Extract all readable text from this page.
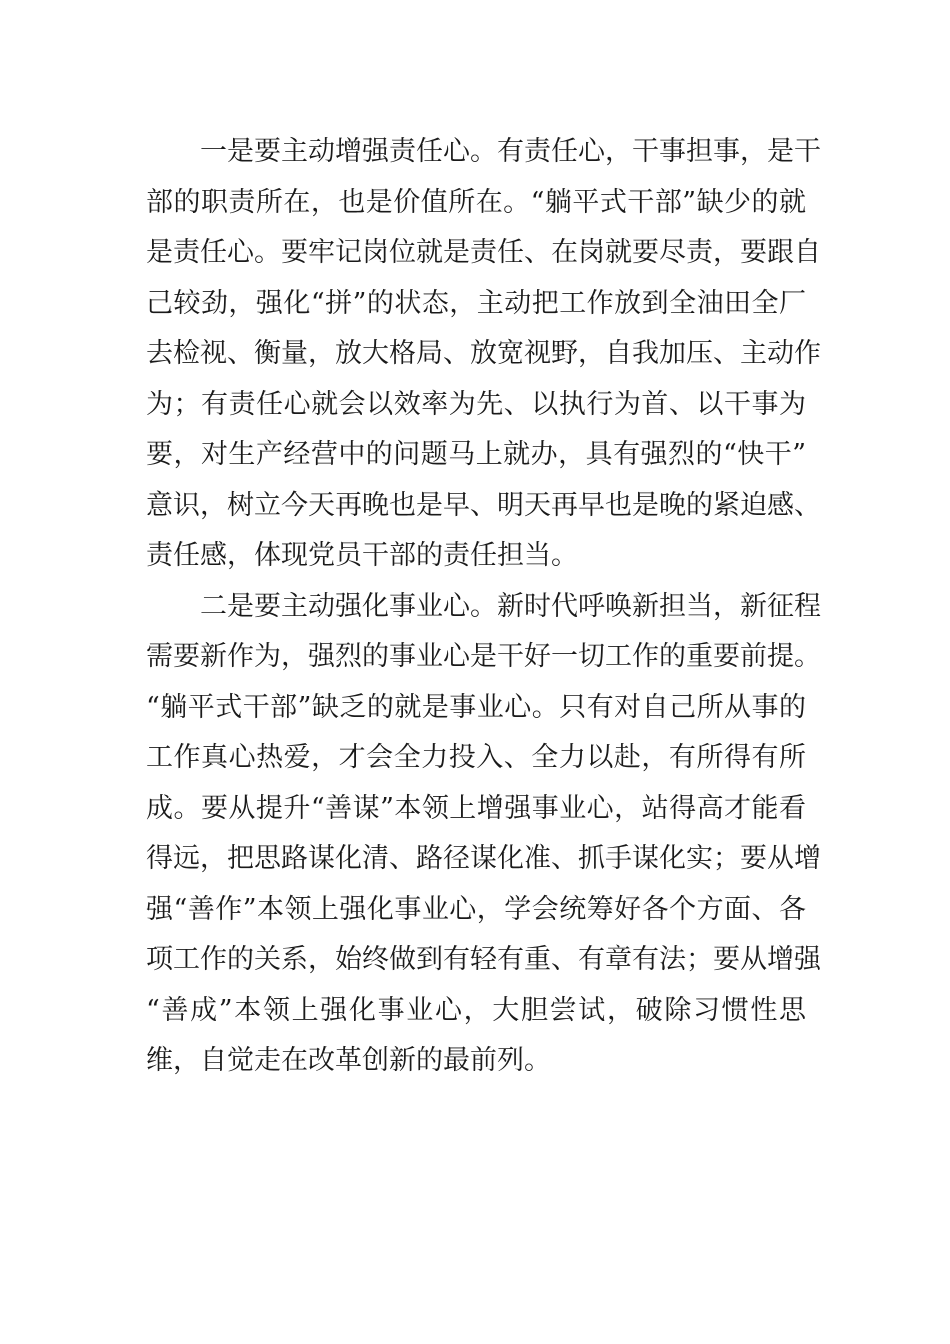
一是要主动增强责任心。有责任心，干事担事，是干
部的职责所在，也是价值所在。“躺平式干部”缺少的就
是责任心。要牢记岗位就是责任、在岗就要尽责，要跟自
己较劲，强化“拼”的状态，主动把工作放到全油田全厂
去检视、衡量，放大格局、放宽视野，自我加压、主动作
为；有责任心就会以效率为先、以执行为首、以干事为
要，对生产经营中的问题马上就办，具有强烈的“快干”
意识，树立今天再晚也是早、明天再早也是晚的紧迫感、
责任感，体现党员干部的责任担当。
二是要主动强化事业心。新时代呼唤新担当，新征程
需要新作为，强烈的事业心是干好一切工作的重要前提。
“躺平式干部”缺乏的就是事业心。只有对自己所从事的
工作真心热爱，才会全力投入、全力以赴，有所得有所
成。要从提升“善谋”本领上增强事业心，站得高才能看
得远，把思路谋化清、路径谋化准、抓手谋化实；要从增
强“善作”本领上强化事业心，学会统筹好各个方面、各
项工作的关系，始终做到有轻有重、有章有法；要从增强
“善成”本领上强化事业心，大胆尝试，破除习惯性思
维，自觉走在改革创新的最前列。
